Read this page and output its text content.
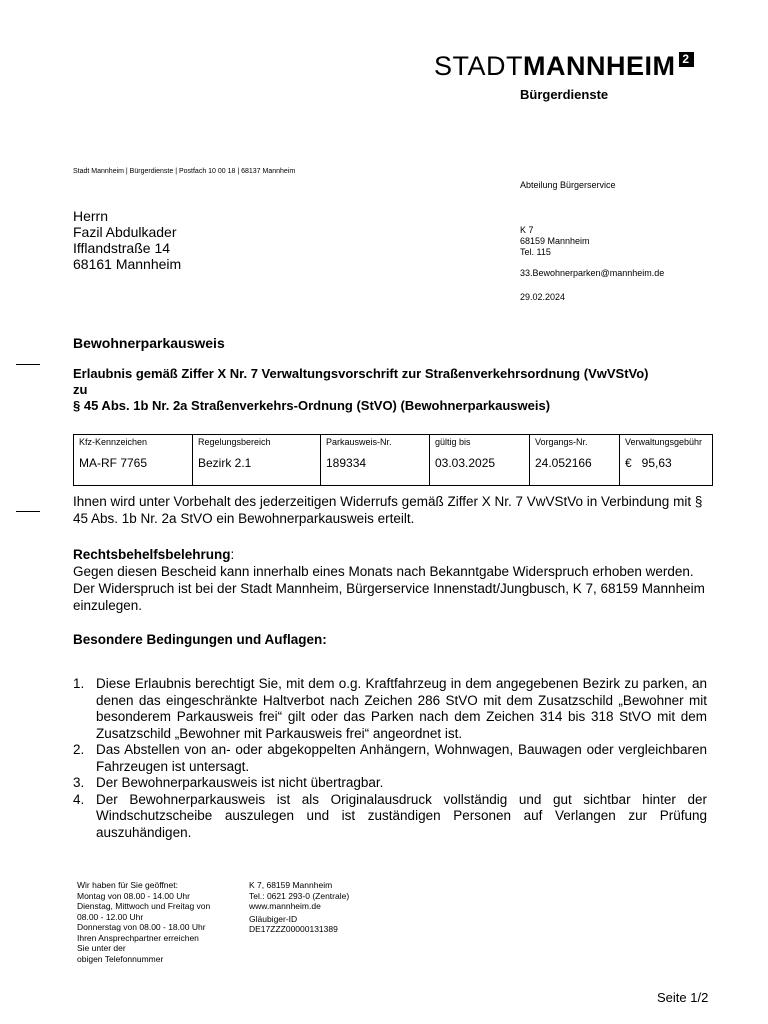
STADTMANNHEIM 2
Bürgerdienste
Stadt Mannheim | Bürgerdienste | Postfach 10 00 18 | 68137 Mannheim
Herrn
Fazil Abdulkader
Ifflandstraße 14
68161 Mannheim
Abteilung Bürgerservice
K 7
68159 Mannheim
Tel. 115
33.Bewohnerparken@mannheim.de
29.02.2024
Bewohnerparkausweis
Erlaubnis gemäß Ziffer X Nr. 7 Verwaltungsvorschrift zur Straßenverkehrsordnung (VwVStVo) zu
§ 45 Abs. 1b Nr. 2a Straßenverkehrs-Ordnung (StVO) (Bewohnerparkausweis)
Kfz-Kennzeichen	Regelungsbereich	Parkausweis-Nr.	gültig bis	Vorgangs-Nr.	Verwaltungsgebühr
MA-RF 7765	Bezirk 2.1	189334	03.03.2025	24.052166	€   95,63
Ihnen wird unter Vorbehalt des jederzeitigen Widerrufs gemäß Ziffer X Nr. 7 VwVStVo in Verbindung mit § 45 Abs. 1b Nr. 2a StVO ein Bewohnerparkausweis erteilt.
Rechtsbehelfsbelehrung:
Gegen diesen Bescheid kann innerhalb eines Monats nach Bekanntgabe Widerspruch erhoben werden. Der Widerspruch ist bei der Stadt Mannheim, Bürgerservice Innenstadt/Jungbusch, K 7, 68159 Mannheim einzulegen.
Besondere Bedingungen und Auflagen:
1. Diese Erlaubnis berechtigt Sie, mit dem o.g. Kraftfahrzeug in dem angegebenen Bezirk zu parken, an denen das eingeschränkte Haltverbot nach Zeichen 286 StVO mit dem Zusatzschild „Bewohner mit besonderem Parkausweis frei“ gilt oder das Parken nach dem Zeichen 314 bis 318 StVO mit dem Zusatzschild „Bewohner mit Parkausweis frei“ angeordnet ist.
2. Das Abstellen von an- oder abgekoppelten Anhängern, Wohnwagen, Bauwagen oder vergleichbaren Fahrzeugen ist untersagt.
3. Der Bewohnerparkausweis ist nicht übertragbar.
4. Der Bewohnerparkausweis ist als Originalausdruck vollständig und gut sichtbar hinter der Windschutzscheibe auszulegen und ist zuständigen Personen auf Verlangen zur Prüfung auszuhändigen.
Wir haben für Sie geöffnet:
Montag von 08.00 - 14.00 Uhr
Dienstag, Mittwoch und Freitag von
08.00 - 12.00 Uhr
Donnerstag von 08.00 - 18.00 Uhr
Ihren Ansprechpartner erreichen
Sie unter der
obigen Telefonnummer
K 7, 68159 Mannheim
Tel.: 0621 293-0 (Zentrale)
www.mannheim.de
Gläubiger-ID
DE17ZZZ00000131389
Seite 1/2
